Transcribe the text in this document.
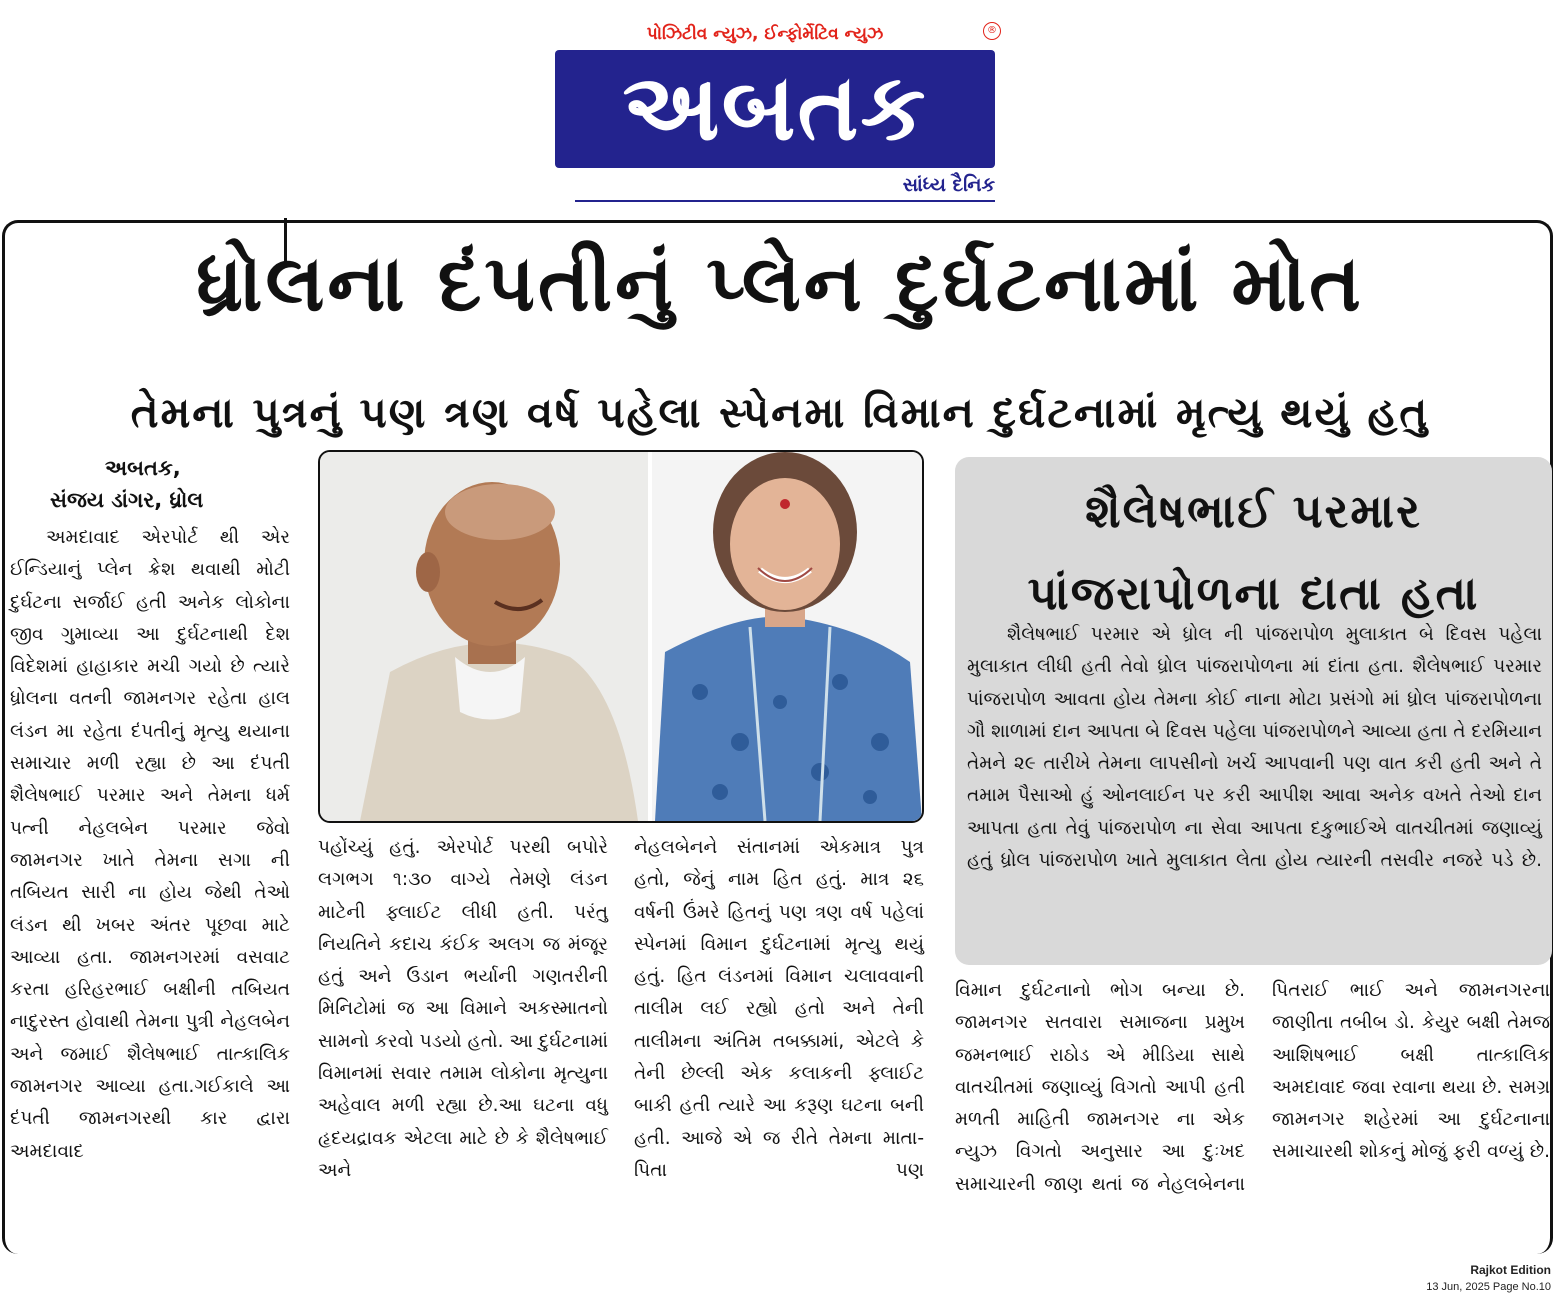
પોઝિટીવ ન્યુઝ, ઈન્ફોર્મેટિવ ન્યુઝ	®
અબતક
સાંધ્ય દૈનિક
ધ્રોલના દંપતીનું પ્લેન દુર્ઘટનામાં મોત
તેમના પુત્રનું પણ ત્રણ વર્ષ પહેલા સ્પેનમા વિમાન દુર્ઘટનામાં મૃત્યુ થયું હતુ
અબતક,
સંજય ડાંગર, ધ્રોલ

અમદાવાદ એરપોર્ટ થી એર ઈન્ડિયાનું પ્લેન ક્રેશ થવાથી મોટી દુર્ઘટના સર્જાઈ હતી અનેક લોકોના જીવ ગુમાવ્યા આ દુર્ઘટનાથી દેશ વિદેશમાં હાહાકાર મચી ગયો છે ત્યારે ધ્રોલના વતની જામનગર રહેતા હાલ લંડન મા રહેતા દંપતીનું મૃત્યુ થયાના સમાચાર મળી રહ્યા છે આ દંપતી શૈલેષભાઈ પરમાર અને તેમના ધર્મ પત્ની નેહલબેન પરમાર જેવો જામનગર ખાતે તેમના સગા ની તબિયત સારી ના હોય જેથી તેઓ લંડન થી ખબર અંતર પૂછવા માટે આવ્યા હતા. જામનગરમાં વસવાટ કરતા હરિહરભાઈ બક્ષીની તબિયત નાદુરસ્ત હોવાથી તેમના પુત્રી નેહલબેન અને જમાઈ શૈલેષભાઈ તાત્કાલિક જામનગર આવ્યા હતા.ગઈકાલે આ દંપતી જામનગરથી કાર દ્વારા અમદાવાદ

પહોંચ્યું હતું. એરપોર્ટ પરથી બપોરે લગભગ ૧:૩૦ વાગ્યે તેમણે લંડન માટેની ફ્લાઈટ લીધી હતી. પરંતુ નિયતિને કદાચ કંઈક અલગ જ મંજૂર હતું અને ઉડાન ભર્યાની ગણતરીની મિનિટોમાં જ આ વિમાને અકસ્માતનો સામનો કરવો પડયો હતો. આ દુર્ઘટનામાં વિમાનમાં સવાર તમામ લોકોના મૃત્યુના અહેવાલ મળી રહ્યા છે.આ ઘટના વધુ હૃદયદ્રાવક એટલા માટે છે કે શૈલેષભાઈ અને

નેહલબેનને સંતાનમાં એકમાત્ર પુત્ર હતો, જેનું નામ હિત હતું. માત્ર ૨૬ વર્ષની ઉંમરે હિતનું પણ ત્રણ વર્ષ પહેલાં સ્પેનમાં વિમાન દુર્ઘટનામાં મૃત્યુ થયું હતું. હિત લંડનમાં વિમાન ચલાવવાની તાલીમ લઈ રહ્યો હતો અને તેની તાલીમના અંતિમ તબક્કામાં, એટલે કે તેની છેલ્લી એક કલાકની ફ્લાઈટ બાકી હતી ત્યારે આ કરૂણ ઘટના બની હતી. આજે એ જ રીતે તેમના માતા-પિતા પણ

શૈલેષભાઈ પરમાર
પાંજરાપોળના દાતા હતા

શૈલેષભાઈ પરમાર એ ધ્રોલ ની પાંજરાપોળ મુલાકાત બે દિવસ પહેલા મુલાકાત લીધી હતી તેવો ધ્રોલ પાંજરાપોળના માં દાંતા હતા. શૈલેષભાઈ પરમાર પાંજરાપોળ આવતા હોય તેમના કોઈ નાના મોટા પ્રસંગો માં ધ્રોલ પાંજરાપોળના ગૌ શાળામાં દાન આપતા બે દિવસ પહેલા પાંજરાપોળને આવ્યા હતા તે દરમિયાન તેમને ૨૯ તારીખે તેમના લાપસીનો ખર્ચ આપવાની પણ વાત કરી હતી અને તે તમામ પૈસાઓ હું ઓનલાઈન પર કરી આપીશ આવા અનેક વખતે તેઓ દાન આપતા હતા તેવું પાંજરાપોળ ના સેવા આપતા દકુભાઈએ વાતચીતમાં જણાવ્યું હતું ધ્રોલ પાંજરાપોળ ખાતે મુલાકાત લેતા હોય ત્યારની તસવીર નજરે પડે છે.

વિમાન દુર્ઘટનાનો ભોગ બન્યા છે. જામનગર સતવારા સમાજના પ્રમુખ જમનભાઈ રાઠોડ એ મીડિયા સાથે વાતચીતમાં જણાવ્યું વિગતો આપી હતી મળતી માહિતી જામનગર ના એક ન્યુઝ વિગતો અનુસાર આ દુઃખદ સમાચારની જાણ થતાં જ નેહલબેનના

પિતરાઈ ભાઈ અને જામનગરના જાણીતા તબીબ ડો. કેયુર બક્ષી તેમજ આશિષભાઈ બક્ષી તાત્કાલિક અમદાવાદ જવા રવાના થયા છે. સમગ્ર જામનગર શહેરમાં આ દુર્ઘટનાના સમાચારથી શોકનું મોજું ફરી વળ્યું છે.

Rajkot Edition
13 Jun, 2025 Page No.10
